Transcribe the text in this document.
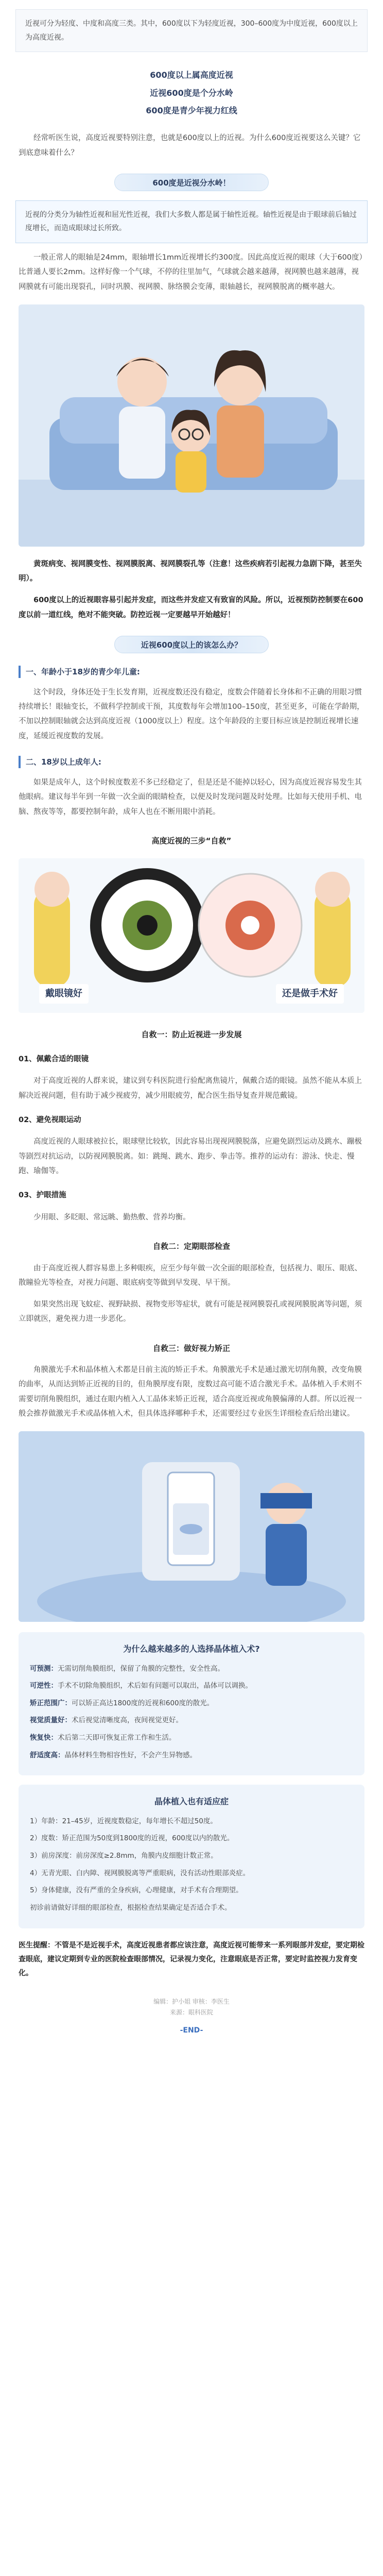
近视可分为轻度、中度和高度三类。其中，600度以下为轻度近视，300–600度为中度近视，600度以上为高度近视。
600度以上属高度近视
近视600度是个分水岭
600度是青少年视力红线
经常听医生说，高度近视要特别注意，也就是600度以上的近视。为什么600度近视要这么关键？它到底意味着什么？
600度是近视分水岭！
近视的分类分为轴性近视和屈光性近视，我们大多数人都是属于轴性近视。轴性近视是由于眼球前后轴过度增长，而造成眼球过长所致。
一般正常人的眼轴是24mm，眼轴增长1mm近视增长约300度。因此高度近视的眼球（大于600度）比普通人要长2mm。这样好像一个气球，不停的往里加气，气球就会越来越薄，视网膜也越来越薄，视网膜就有可能出现裂孔，同时巩膜、视网膜、脉络膜会变薄，眼轴越长，视网膜脱离的概率越大。
黄斑病变、视网膜变性、视网膜脱离、视网膜裂孔等（注意！这些疾病若引起视力急剧下降，甚至失明）。
600度以上的近视眼容易引起并发症，而这些并发症又有致盲的风险。所以，近视预防控制要在600度以前一道红线，绝对不能突破。防控近视一定要越早开始越好！
近视600度以上的该怎么办？
一、年龄小于18岁的青少年儿童:
这个时段，身体还处于生长发育期，近视度数还没有稳定，度数会伴随着长身体和不正确的用眼习惯持续增长！眼轴变长，不做科学控制或干预，其度数每年会增加100–150度，甚至更多，可能在学龄期，不加以控制眼轴就会达到高度近视（1000度以上）程度。这个年龄段的主要目标应该是控制近视增长速度，延缓近视度数的发展。
二、18岁以上成年人:
如果是成年人，这个时候度数差不多已经稳定了，但是还是不能掉以轻心，因为高度近视容易发生其他眼病。建议每半年到一年做一次全面的眼睛检查，以便及时发现问题及时处理。比如每天使用手机、电脑、熬夜等等，都要控制年龄，成年人也在不断用眼中消耗。
高度近视的三步“自救”
戴眼镜好	还是做手术好
自救一：防止近视进一步发展
01、佩戴合适的眼镜
对于高度近视的人群来说，建议到专科医院进行验配离焦镜片，佩戴合适的眼镜。虽然不能从本质上解决近视问题，但有助于减少视疲劳，减少用眼疲劳，配合医生指导复查并规范戴镜。
02、避免视眼运动
高度近视的人眼球被拉长，眼球壁比较软，因此容易出现视网膜脱落，应避免剧烈运动及跳水、蹦极等剧烈对抗运动，以防视网膜脱离。如：跳绳、跳水、跑步、拳击等。推荐的运动有：游泳、快走、慢跑、瑜伽等。
03、护眼措施
少用眼、多眨眼、常远眺、勤热敷、营养均衡。
自救二：定期眼部检查
由于高度近视人群容易患上多种眼疾，应至少每年做一次全面的眼部检查，包括视力、眼压、眼底、散瞳验光等检查，对视力问题、眼底病变等做到早发现、早干预。
如果突然出现飞蚊症、视野缺损、视物变形等症状，就有可能是视网膜裂孔或视网膜脱离等问题，须立即就医，避免视力进一步恶化。
自救三：做好视力矫正
角膜激光手术和晶体植入术都是目前主流的矫正手术。角膜激光手术是通过激光切削角膜，改变角膜的曲率，从而达到矫正近视的目的，但角膜厚度有限，度数过高可能不适合激光手术。晶体植入手术则不需要切削角膜组织，通过在眼内植入人工晶体来矫正近视，适合高度近视或角膜偏薄的人群。所以近视一般会推荐做激光手术或晶体植入术，但具体选择哪种手术，还需要经过专业医生详细检查后给出建议。
为什么越来越多的人选择晶体植入术?
可预测：无需切削角膜组织，保留了角膜的完整性，安全性高。
可逆性：手术不切除角膜组织，术后如有问题可以取出，晶体可以调换。
矫正范围广：可以矫正高达1800度的近视和600度的散光。
视觉质量好：术后视觉清晰度高，夜间视觉更好。
恢复快：术后第二天即可恢复正常工作和生活。
舒适度高：晶体材料生物相容性好，不会产生异物感。
晶体植入也有适应症
1）年龄：21–45岁，近视度数稳定，每年增长不超过50度。
2）度数：矫正范围为50度到1800度的近视，600度以内的散光。
3）前房深度：前房深度≥2.8mm，角膜内皮细胞计数正常。
4）无青光眼、白内障、视网膜脱离等严重眼病，没有活动性眼部炎症。
5）身体健康，没有严重的全身疾病，心理健康，对手术有合理期望。
初诊前请做好详细的眼部检查，根据检查结果确定是否适合手术。
医生提醒：不管是不是近视手术，高度近视患者都应该注意，高度近视可能带来一系列眼部并发症，要定期检查眼底，建议定期到专业的医院检查眼部情况，记录视力变化，注意眼底是否正常，要定时监控视力发育变化。
编辑：护小姐 审核：李医生
来源：眼科医院
-END-
